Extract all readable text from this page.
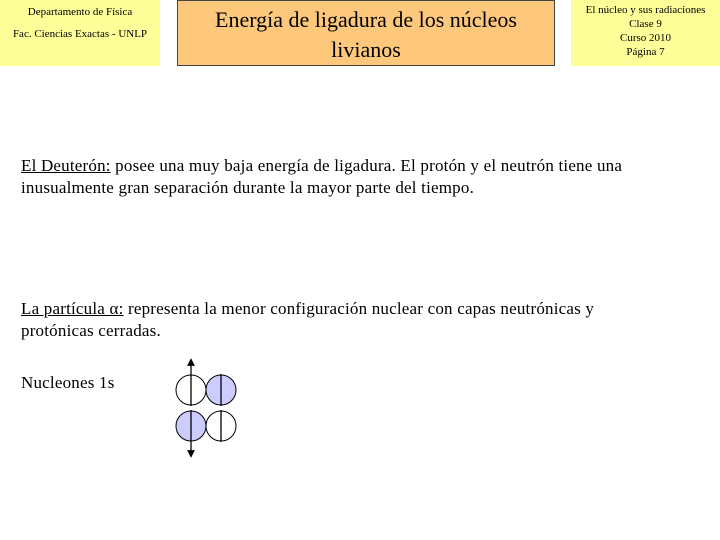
Departamento de Física
Fac. Ciencias Exactas - UNLP
Energía de ligadura de los núcleos livianos
El núcleo y sus radiaciones
Clase 9
Curso 2010
Página 7
El Deuterón: posee una muy baja energía de ligadura. El protón y el neutrón tiene una inusualmente gran separación durante la mayor parte del tiempo.
La partícula α: representa la menor configuración nuclear con capas neutrónicas y protónicas cerradas.
Nucleones 1s
